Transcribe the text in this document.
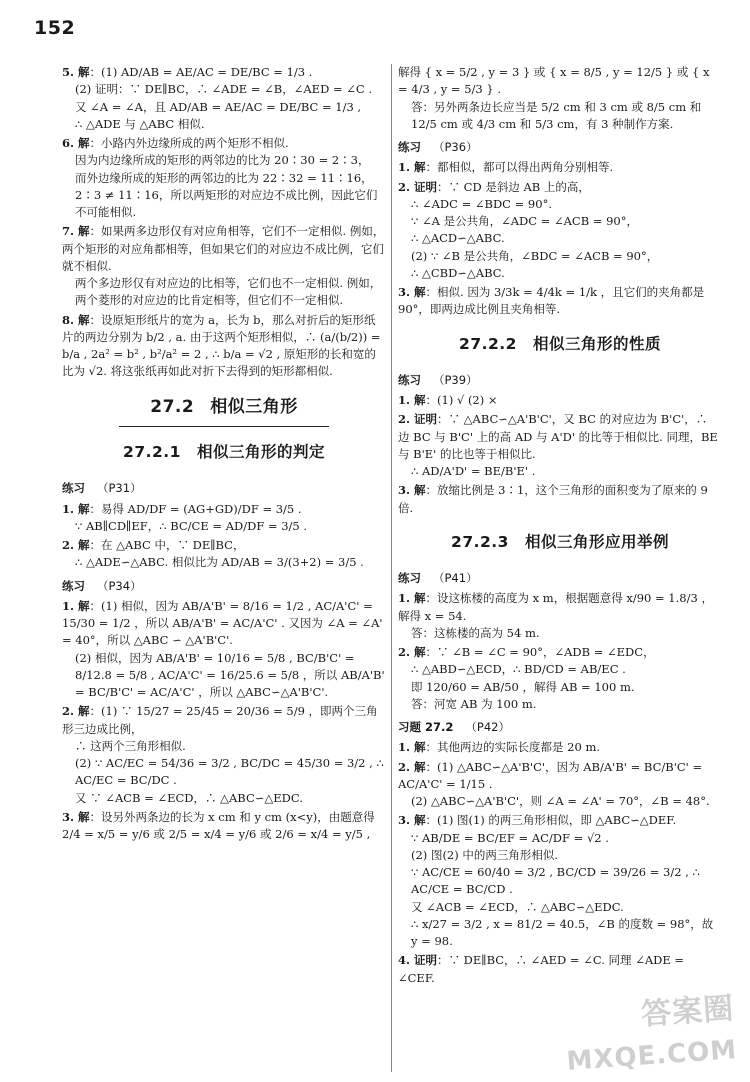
152
5. 解：(1) AD/AB = AE/AC = DE/BC = 1/3 .
(2) 证明：∵ DE∥BC，∴ ∠ADE = ∠B，∠AED = ∠C .
又 ∠A = ∠A，且 AD/AB = AE/AC = DE/BC = 1/3 ,
∴ △ADE 与 △ABC 相似.
6. 解：小路内外边缘所成的两个矩形不相似.
因为内边缘所成的矩形的两邻边的比为 20∶30 = 2∶3，
而外边缘所成的矩形的两邻边的比为 22∶32 = 11∶16，
2∶3 ≠ 11∶16，所以两矩形的对应边不成比例，因此它们不可能相似.
7. 解：如果两多边形仅有对应角相等，它们不一定相似. 例如，两个矩形的对应角都相等，但如果它们的对应边不成比例，它们就不相似.
两个多边形仅有对应边的比相等，它们也不一定相似. 例如，两个菱形的对应边的比肯定相等，但它们不一定相似.
8. 解：设原矩形纸片的宽为 a，长为 b，那么对折后的矩形纸片的两边分别为 b/2 , a. 由于这两个矩形相似，∴ (a/(b/2)) = b/a , 2a² = b² , b²/a² = 2 , ∴ b/a = √2 , 原矩形的长和宽的比为 √2. 将这张纸再如此对折下去得到的矩形都相似.
27.2 相似三角形
27.2.1 相似三角形的判定
练习 （P31）
1. 解：易得 AD/DF = (AG+GD)/DF = 3/5 .
∵ AB∥CD∥EF，∴ BC/CE = AD/DF = 3/5 .
2. 解：在 △ABC 中，∵ DE∥BC，
∴ △ADE∽△ABC. 相似比为 AD/AB = 3/(3+2) = 3/5 .
练习 （P34）
1. 解：(1) 相似，因为 AB/A'B' = 8/16 = 1/2 , AC/A'C' = 15/30 = 1/2 ，所以 AB/A'B' = AC/A'C' . 又因为 ∠A = ∠A' = 40°，所以 △ABC ∽ △A'B'C'.
(2) 相似，因为 AB/A'B' = 10/16 = 5/8 , BC/B'C' = 8/12.8 = 5/8 , AC/A'C' = 16/25.6 = 5/8 ，所以 AB/A'B' = BC/B'C' = AC/A'C' ，所以 △ABC∽△A'B'C'.
2. 解：(1) ∵ 15/27 = 25/45 = 20/36 = 5/9 ，即两个三角形三边成比例，
∴ 这两个三角形相似.
(2) ∵ AC/EC = 54/36 = 3/2 , BC/DC = 45/30 = 3/2 , ∴ AC/EC = BC/DC .
又 ∵ ∠ACB = ∠ECD，∴ △ABC∽△EDC.
3. 解：设另外两条边的长为 x cm 和 y cm (x<y)，由题意得 2/4 = x/5 = y/6 或 2/5 = x/4 = y/6 或 2/6 = x/4 = y/5 ,
解得 { x = 5/2 , y = 3 } 或 { x = 8/5 , y = 12/5 } 或 { x = 4/3 , y = 5/3 } .
答：另外两条边长应当是 5/2 cm 和 3 cm 或 8/5 cm 和 12/5 cm 或 4/3 cm 和 5/3 cm，有 3 种制作方案.
练习 （P36）
1. 解：都相似，都可以得出两角分别相等.
2. 证明：∵ CD 是斜边 AB 上的高，
∴ ∠ADC = ∠BDC = 90°.
∵ ∠A 是公共角，∠ADC = ∠ACB = 90°，
∴ △ACD∽△ABC.
(2) ∵ ∠B 是公共角，∠BDC = ∠ACB = 90°，
∴ △CBD∽△ABC.
3. 解：相似. 因为 3/3k = 4/4k = 1/k ，且它们的夹角都是 90°，即两边成比例且夹角相等.
27.2.2 相似三角形的性质
练习 （P39）
1. 解：(1) √ (2) ×
2. 证明：∵ △ABC∽△A'B'C'，又 BC 的对应边为 B'C'，∴ 边 BC 与 B'C' 上的高 AD 与 A'D' 的比等于相似比. 同理，BE 与 B'E' 的比也等于相似比.
∴ AD/A'D' = BE/B'E' .
3. 解：放缩比例是 3∶1，这个三角形的面积变为了原来的 9 倍.
27.2.3 相似三角形应用举例
练习 （P41）
1. 解：设这栋楼的高度为 x m，根据题意得 x/90 = 1.8/3 ，解得 x = 54.
答：这栋楼的高为 54 m.
2. 解：∵ ∠B = ∠C = 90°，∠ADB = ∠EDC，
∴ △ABD∽△ECD，∴ BD/CD = AB/EC .
即 120/60 = AB/50 ，解得 AB = 100 m.
答：河宽 AB 为 100 m.
习题 27.2 （P42）
1. 解：其他两边的实际长度都是 20 m.
2. 解：(1) △ABC∽△A'B'C'，因为 AB/A'B' = BC/B'C' = AC/A'C' = 1/15 .
(2) △ABC∽△A'B'C'，则 ∠A = ∠A' = 70°，∠B = 48°.
3. 解：(1) 图(1) 的两三角形相似，即 △ABC∽△DEF.
∵ AB/DE = BC/EF = AC/DF = √2 .
(2) 图(2) 中的两三角形相似.
∵ AC/CE = 60/40 = 3/2 , BC/CD = 39/26 = 3/2 , ∴ AC/CE = BC/CD .
又 ∠ACB = ∠ECD，∴ △ABC∽△EDC.
∴ x/27 = 3/2 , x = 81/2 = 40.5，∠B 的度数 = 98°，故 y = 98.
4. 证明：∵ DE∥BC，∴ ∠AED = ∠C. 同理 ∠ADE = ∠CEF.
答案圈
MXQE.COM
